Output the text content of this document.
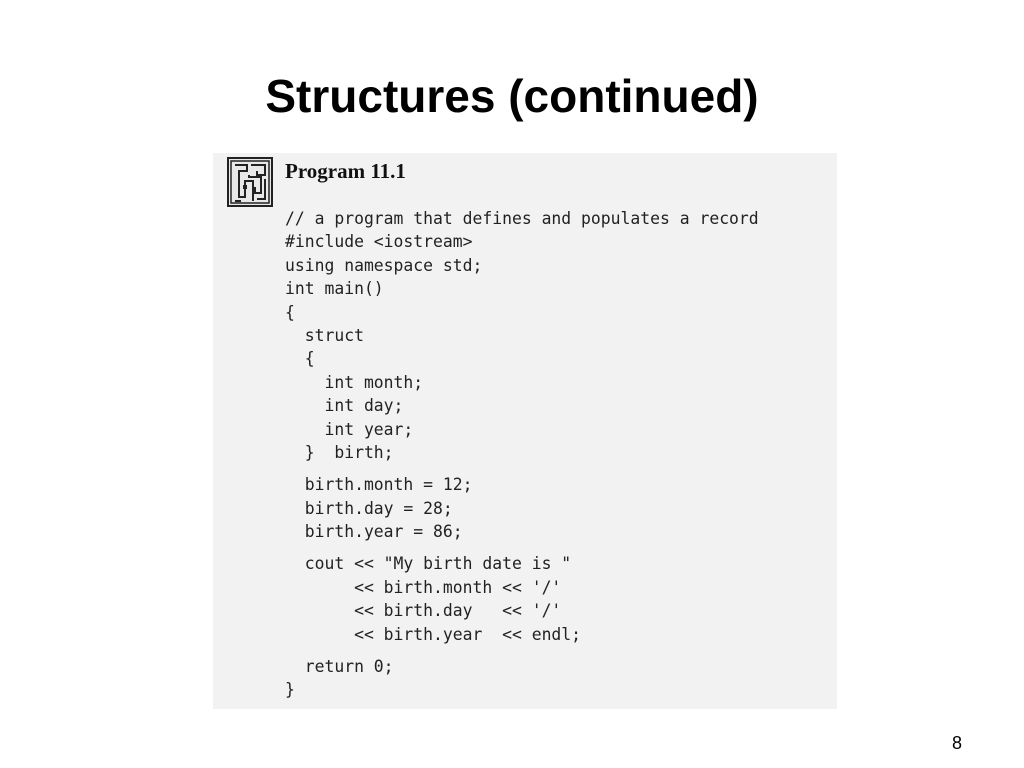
Structures (continued)
Program 11.1
// a program that defines and populates a record
#include <iostream>
using namespace std;
int main()
{
struct
{
int month;
int day;
int year;
}  birth;
birth.month = 12;
birth.day = 28;
birth.year = 86;
cout << "My birth date is "
<< birth.month << '/'
<< birth.day   << '/'
<< birth.year  << endl;
return 0;
}
8
